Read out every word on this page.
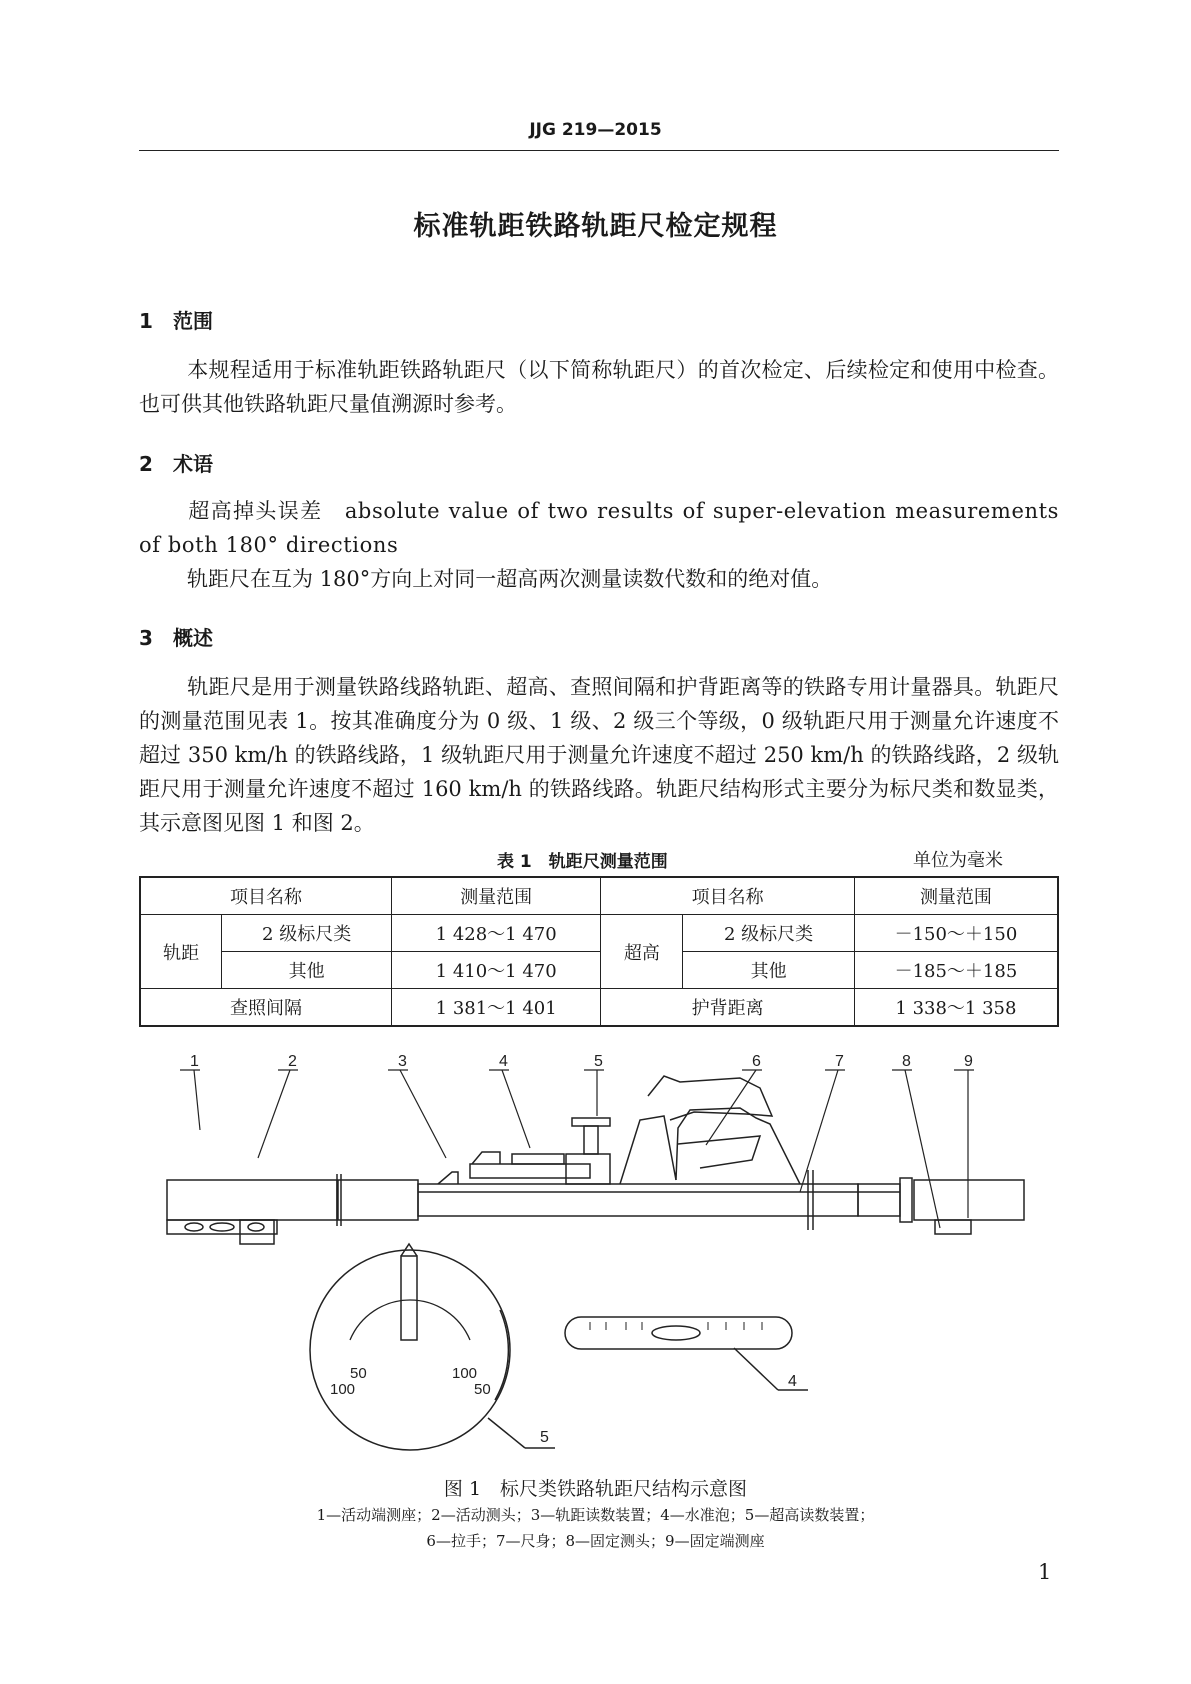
JJG 219—2015
标准轨距铁路轨距尺检定规程
1 范围
本规程适用于标准轨距铁路轨距尺（以下简称轨距尺）的首次检定、后续检定和使用中检查。也可供其他铁路轨距尺量值溯源时参考。
2 术语
超高掉头误差　 absolute value of two results of super-elevation measurements of both 180° directions
轨距尺在互为 180°方向上对同一超高两次测量读数代数和的绝对值。
3 概述
轨距尺是用于测量铁路线路轨距、超高、查照间隔和护背距离等的铁路专用计量器具。轨距尺的测量范围见表 1。按其准确度分为 0 级、1 级、2 级三个等级，0 级轨距尺用于测量允许速度不超过 350 km/h 的铁路线路，1 级轨距尺用于测量允许速度不超过 250 km/h 的铁路线路，2 级轨距尺用于测量允许速度不超过 160 km/h 的铁路线路。轨距尺结构形式主要分为标尺类和数显类，其示意图见图 1 和图 2。
表 1　轨距尺测量范围	单位为毫米
项目名称		测量范围	项目名称		测量范围
轨距	2 级标尺类	1 428～1 470	超高	2 级标尺类	－150～＋150
	其他	1 410～1 470		其他	－185～＋185
查照间隔		1 381～1 401	护背距离		1 338～1 358
1	2	3	4	5	6	7	8	9
50
100
100
50
5
4
图 1　标尺类铁路轨距尺结构示意图
1—活动端测座；2—活动测头；3—轨距读数装置；4—水准泡；5—超高读数装置；
6—拉手；7—尺身；8—固定测头；9—固定端测座
1
